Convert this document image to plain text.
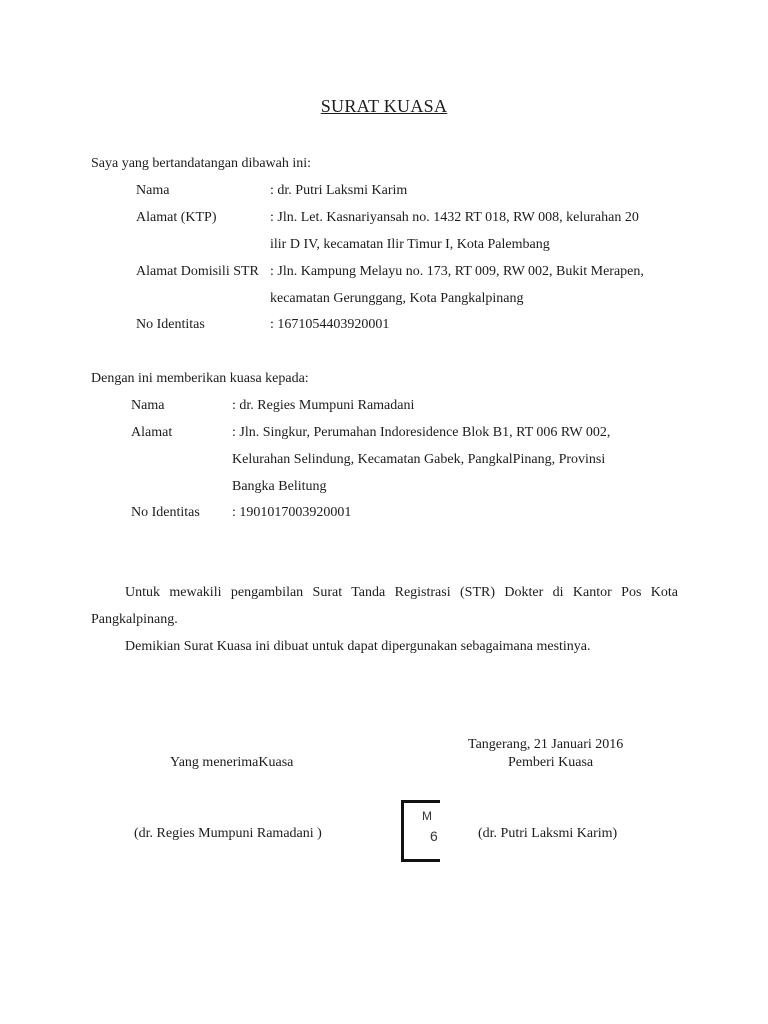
SURAT KUASA
Saya yang bertandatangan dibawah ini:
Nama	: dr. Putri Laksmi Karim
Alamat (KTP)	: Jln. Let. Kasnariyansah no. 1432 RT 018, RW 008, kelurahan 20
ilir D IV, kecamatan Ilir Timur I, Kota Palembang
Alamat Domisili STR : Jln. Kampung Melayu no. 173, RT 009, RW 002, Bukit Merapen,
kecamatan Gerunggang, Kota Pangkalpinang
No Identitas	: 1671054403920001
Dengan ini memberikan kuasa kepada:
Nama	: dr. Regies Mumpuni Ramadani
Alamat	: Jln. Singkur, Perumahan Indoresidence Blok B1, RT 006 RW 002,
Kelurahan Selindung, Kecamatan Gabek, PangkalPinang, Provinsi
Bangka Belitung
No Identitas : 1901017003920001
Untuk mewakili pengambilan Surat Tanda Registrasi (STR) Dokter di Kantor Pos Kota Pangkalpinang.
Demikian Surat Kuasa ini dibuat untuk dapat dipergunakan sebagaimana mestinya.
Tangerang, 21 Januari 2016
Yang menerimaKuasa	Pemberi Kuasa
M
6
(dr. Regies Mumpuni Ramadani )	(dr. Putri Laksmi Karim)
